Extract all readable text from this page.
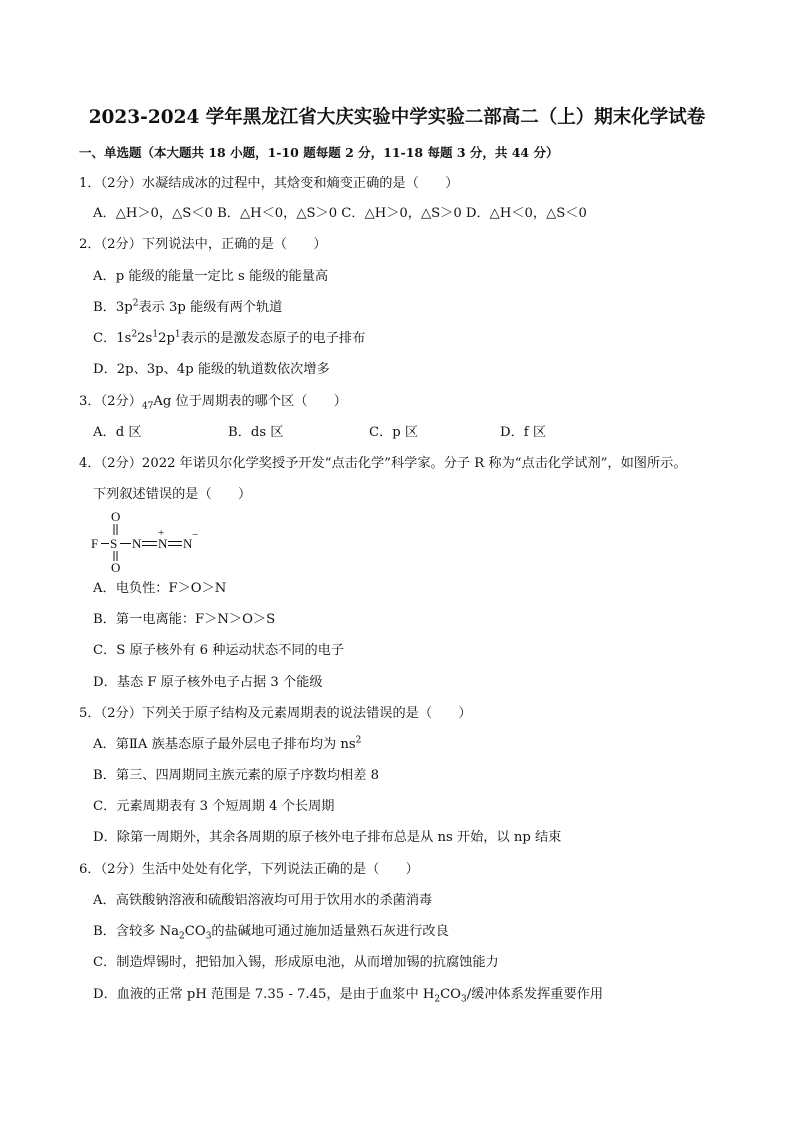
2023-2024 学年黑龙江省大庆实验中学实验二部高二（上）期末化学试卷
一、单选题（本大题共 18 小题，1-10 题每题 2 分，11-18 每题 3 分，共 44 分）
1．（2分）水凝结成冰的过程中，其焓变和熵变正确的是（　　）
A．△H＞0，△S＜0 B．△H＜0，△S＞0 C．△H＞0，△S＞0 D．△H＜0，△S＜0
2．（2分）下列说法中，正确的是（　　）
A．p 能级的能量一定比 s 能级的能量高
B．$3p^2$表示 3p 能级有两个轨道
C．$1s^22s^12p^1$表示的是激发态原子的电子排布
D．2p、3p、4p 能级的轨道数依次增多
3．（2分）$_{47}Ag$ 位于周期表的哪个区（　　）
A．d 区	B．ds 区	C．p 区	D．f 区
4．（2分）2022 年诺贝尔化学奖授予开发“点击化学”科学家。分子 R 称为“点击化学试剂”，如图所示。
下列叙述错误的是（　　）
O
F S
O
N N N
+	−
A．电负性：F＞O＞N
B．第一电离能：F＞N＞O＞S
C．S 原子核外有 6 种运动状态不同的电子
D．基态 F 原子核外电子占据 3 个能级
5．（2分）下列关于原子结构及元素周期表的说法错误的是（　　）
A．第ⅡA 族基态原子最外层电子排布均为 $ns^2$
B．第三、四周期同主族元素的原子序数均相差 8
C．元素周期表有 3 个短周期 4 个长周期
D．除第一周期外，其余各周期的原子核外电子排布总是从 ns 开始，以 np 结束
6．（2分）生活中处处有化学，下列说法正确的是（　　）
A．高铁酸钠溶液和硫酸铝溶液均可用于饮用水的杀菌消毒
B．含较多 $Na_2CO_3$的盐碱地可通过施加适量熟石灰进行改良
C．制造焊锡时，把铅加入锡，形成原电池，从而增加锡的抗腐蚀能力
D．血液的正常 pH 范围是 7.35 - 7.45，是由于血浆中 $H_2CO_3/$缓冲体系发挥重要作用
